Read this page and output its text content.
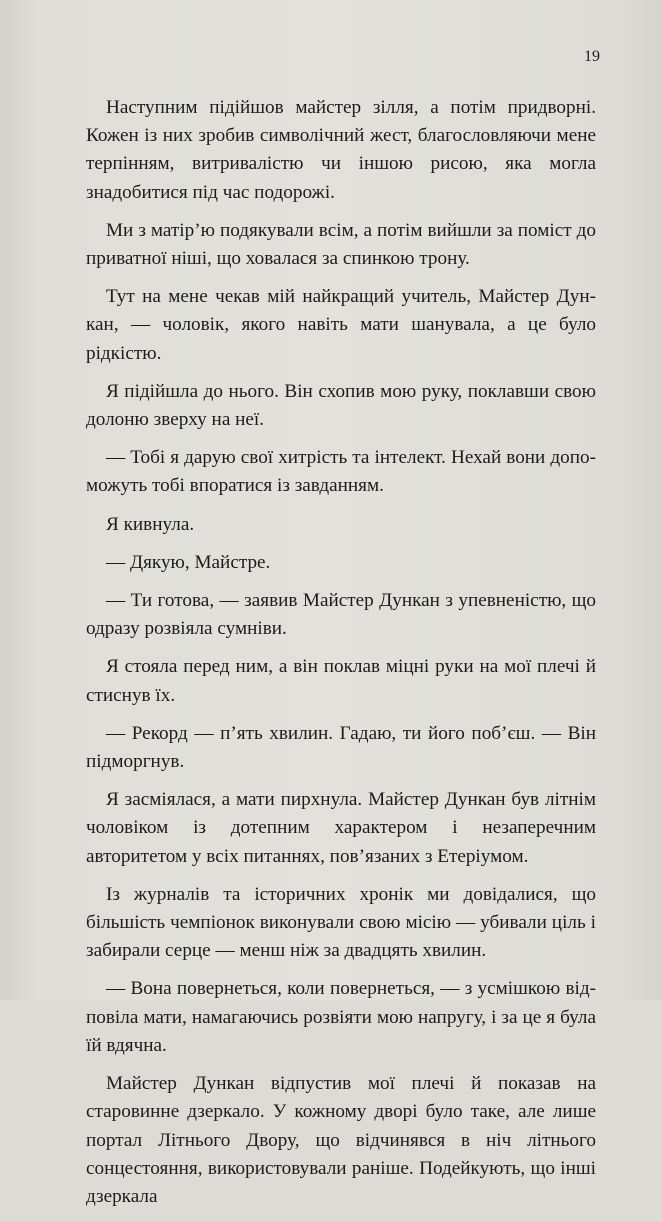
19

Наступним підійшов майстер зілля, а потім придворні. Кожен із них зробив символічний жест, благословляючи мене терпінням, витривалістю чи іншою рисою, яка могла знадобитися під час подорожі.

Ми з матір’ю подякували всім, а потім вийшли за поміст до приватної ніші, що ховалася за спинкою трону.

Тут на мене чекав мій найкращий учитель, Майстер Дункан, — чоловік, якого навіть мати шанувала, а це було рідкістю.

Я підійшла до нього. Він схопив мою руку, поклавши свою долоню зверху на неї.

— Тобі я дарую свої хитрість та інтелект. Нехай вони допоможуть тобі впоратися із завданням.

Я кивнула.

— Дякую, Майстре.

— Ти готова, — заявив Майстер Дункан з упевненістю, що одразу розвіяла сумніви.

Я стояла перед ним, а він поклав міцні руки на мої плечі й стиснув їх.

— Рекорд — п’ять хвилин. Гадаю, ти його поб’єш. — Він підморгнув.

Я засміялася, а мати пирхнула. Майстер Дункан був літнім чоловіком із дотепним характером і незаперечним авторитетом у всіх питаннях, пов’язаних з Етеріумом.

Із журналів та історичних хронік ми довідалися, що більшість чемпіонок виконували свою місію — убивали ціль і забирали серце — менш ніж за двадцять хвилин.

— Вона повернеться, коли повернеться, — з усмішкою відповіла мати, намагаючись розвіяти мою напругу, і за це я була їй вдячна.

Майстер Дункан відпустив мої плечі й показав на старовинне дзеркало. У кожному дворі було таке, але лише портал Літнього Двору, що відчинявся в ніч літнього сонцестояння, використовували раніше. Подейкують, що інші дзеркала
